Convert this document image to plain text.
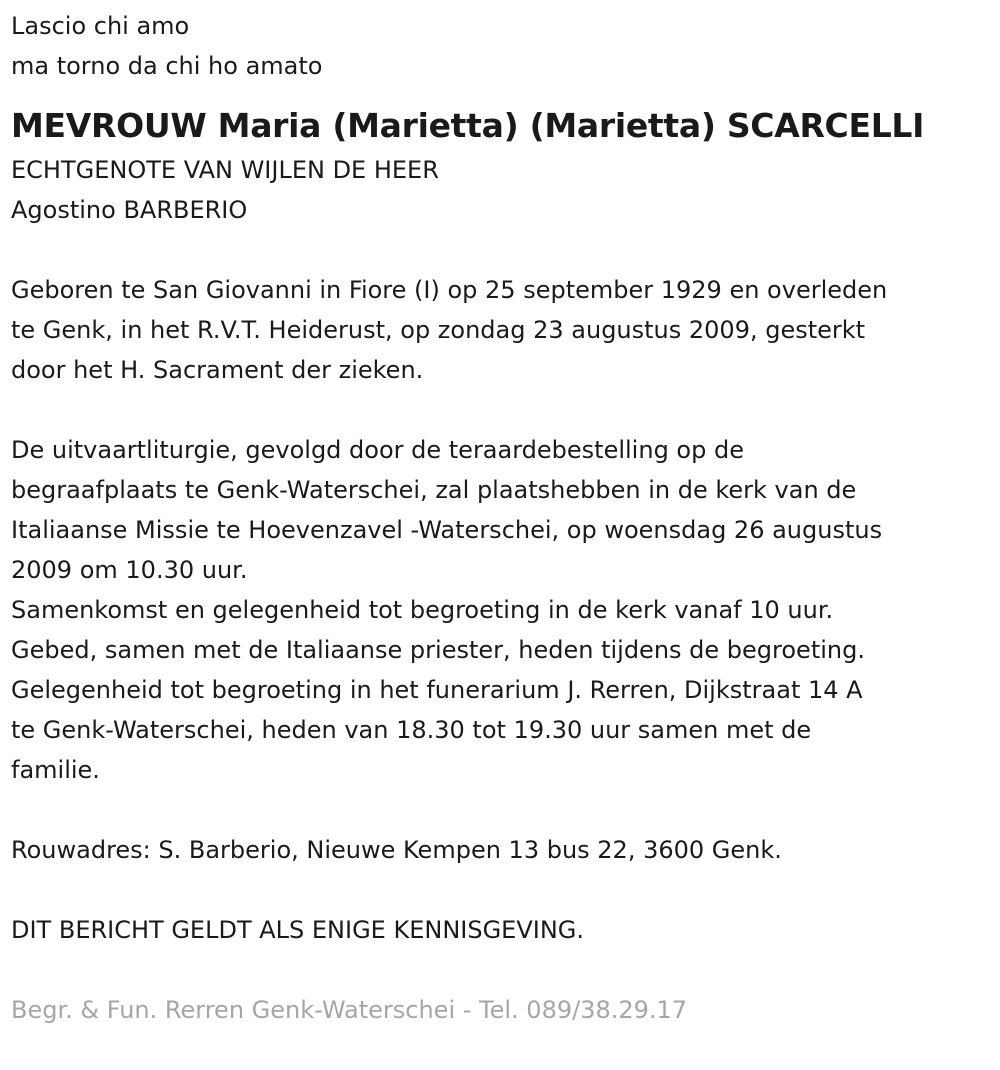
Lascio chi amo
ma torno da chi ho amato
MEVROUW Maria (Marietta) (Marietta) SCARCELLI
ECHTGENOTE VAN WIJLEN DE HEER
Agostino BARBERIO
Geboren te San Giovanni in Fiore (I) op 25 september 1929 en overleden
te Genk, in het R.V.T. Heiderust, op zondag 23 augustus 2009, gesterkt
door het H. Sacrament der zieken.
De uitvaartliturgie, gevolgd door de teraardebestelling op de
begraafplaats te Genk-Waterschei, zal plaatshebben in de kerk van de
Italiaanse Missie te Hoevenzavel -Waterschei, op woensdag 26 augustus
2009 om 10.30 uur.
Samenkomst en gelegenheid tot begroeting in de kerk vanaf 10 uur.
Gebed, samen met de Italiaanse priester, heden tijdens de begroeting.
Gelegenheid tot begroeting in het funerarium J. Rerren, Dijkstraat 14 A
te Genk-Waterschei, heden van 18.30 tot 19.30 uur samen met de
familie.
Rouwadres: S. Barberio, Nieuwe Kempen 13 bus 22, 3600 Genk.
DIT BERICHT GELDT ALS ENIGE KENNISGEVING.
Begr. & Fun. Rerren Genk-Waterschei - Tel. 089/38.29.17
